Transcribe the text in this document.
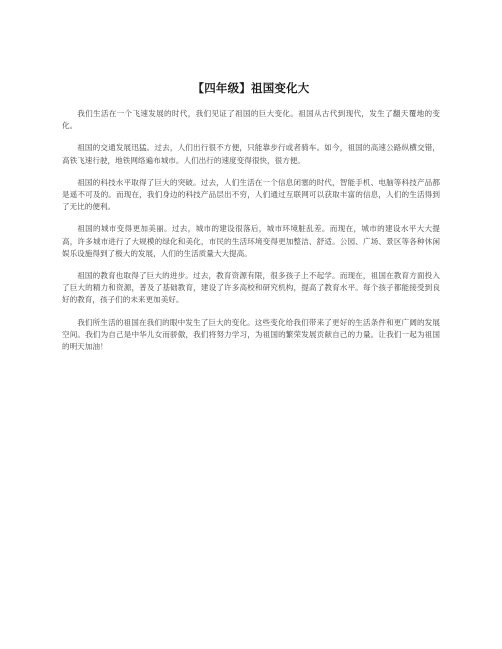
【四年级】祖国变化大

我们生活在一个飞速发展的时代，我们见证了祖国的巨大变化。祖国从古代到现代，发生了翻天覆地的变化。

祖国的交通发展迅猛。过去，人们出行很不方便，只能靠步行或者骑车。如今，祖国的高速公路纵横交错，高铁飞速行驶，地铁网络遍布城市。人们出行的速度变得很快，很方便。

祖国的科技水平取得了巨大的突破。过去，人们生活在一个信息闭塞的时代，智能手机、电脑等科技产品都是遥不可及的。而现在，我们身边的科技产品层出不穷，人们通过互联网可以获取丰富的信息，人们的生活得到了无比的便利。

祖国的城市变得更加美丽。过去，城市的建设很落后，城市环境脏乱差。而现在，城市的建设水平大大提高，许多城市进行了大规模的绿化和美化，市民的生活环境变得更加整洁、舒适。公园、广场、景区等各种休闲娱乐设施得到了极大的发展，人们的生活质量大大提高。

祖国的教育也取得了巨大的进步。过去，教育资源有限，很多孩子上不起学。而现在，祖国在教育方面投入了巨大的精力和资源，普及了基础教育，建设了许多高校和研究机构，提高了教育水平。每个孩子都能接受到良好的教育，孩子们的未来更加美好。

我们所生活的祖国在我们的眼中发生了巨大的变化。这些变化给我们带来了更好的生活条件和更广阔的发展空间。我们为自己是中华儿女而骄傲，我们将努力学习，为祖国的繁荣发展贡献自己的力量。让我们一起为祖国的明天加油！
